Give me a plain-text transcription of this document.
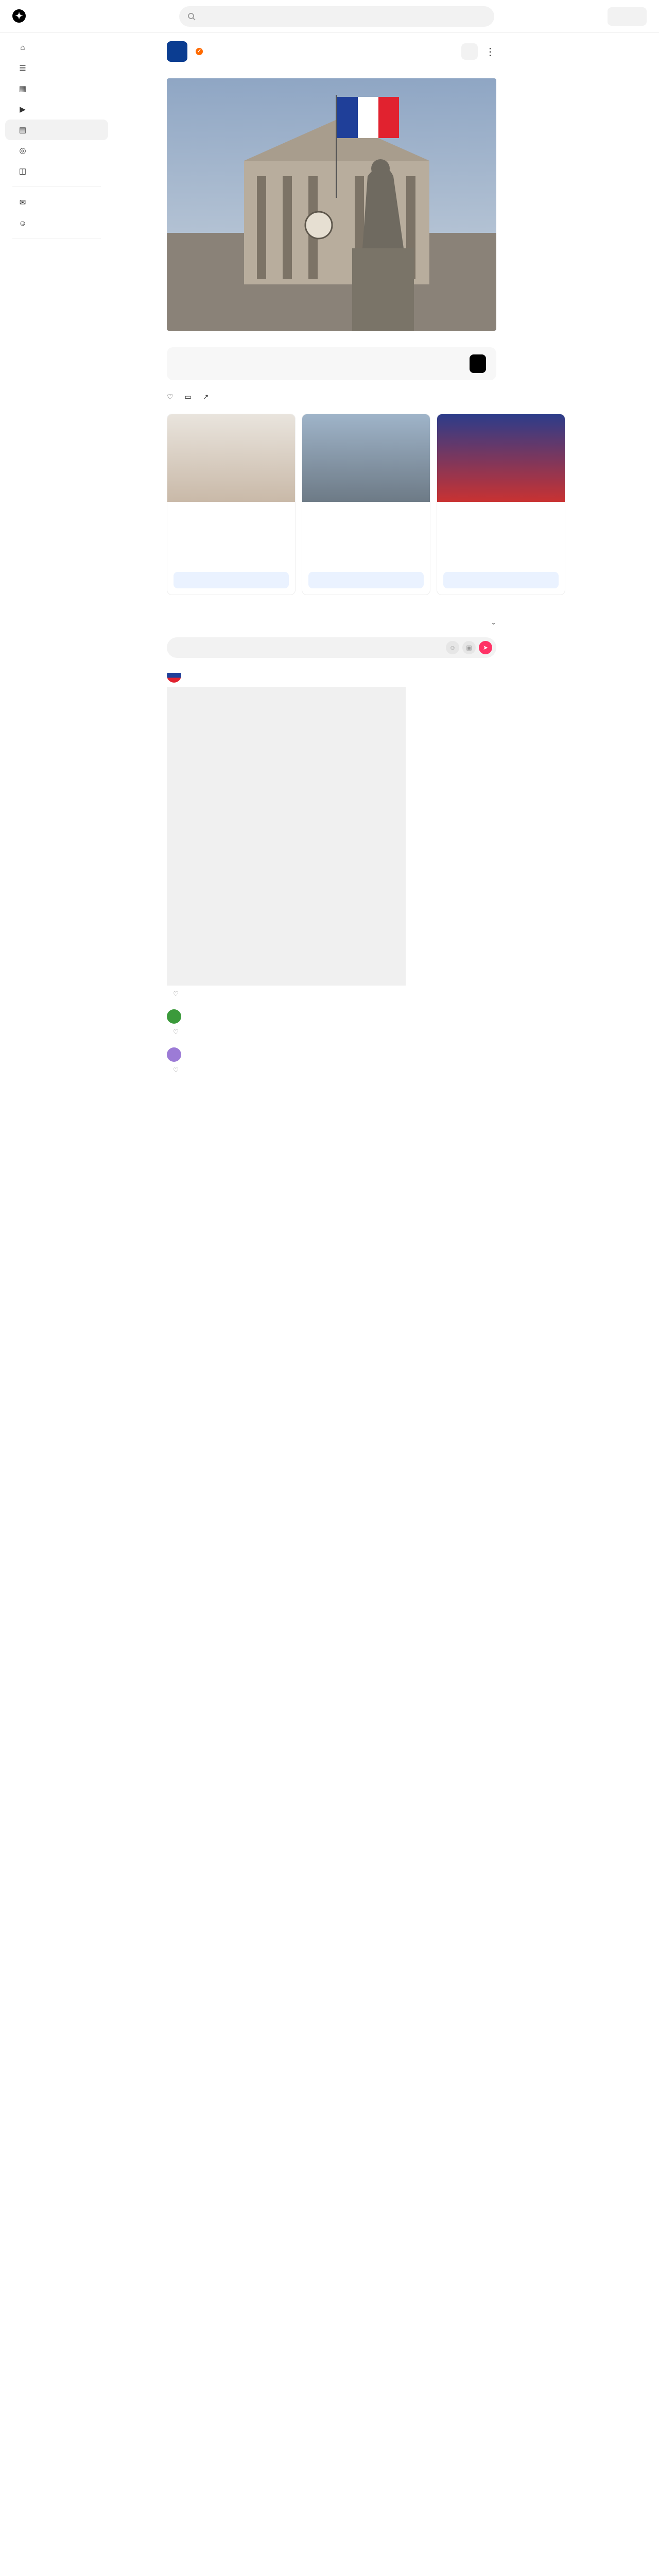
✦
⌂
☰
▦
▶
▤
◎
◫
✉
☺
✓	⋮
♡ ▭ ↗
⌄
☺	▣	➤
♡
♡
♡
